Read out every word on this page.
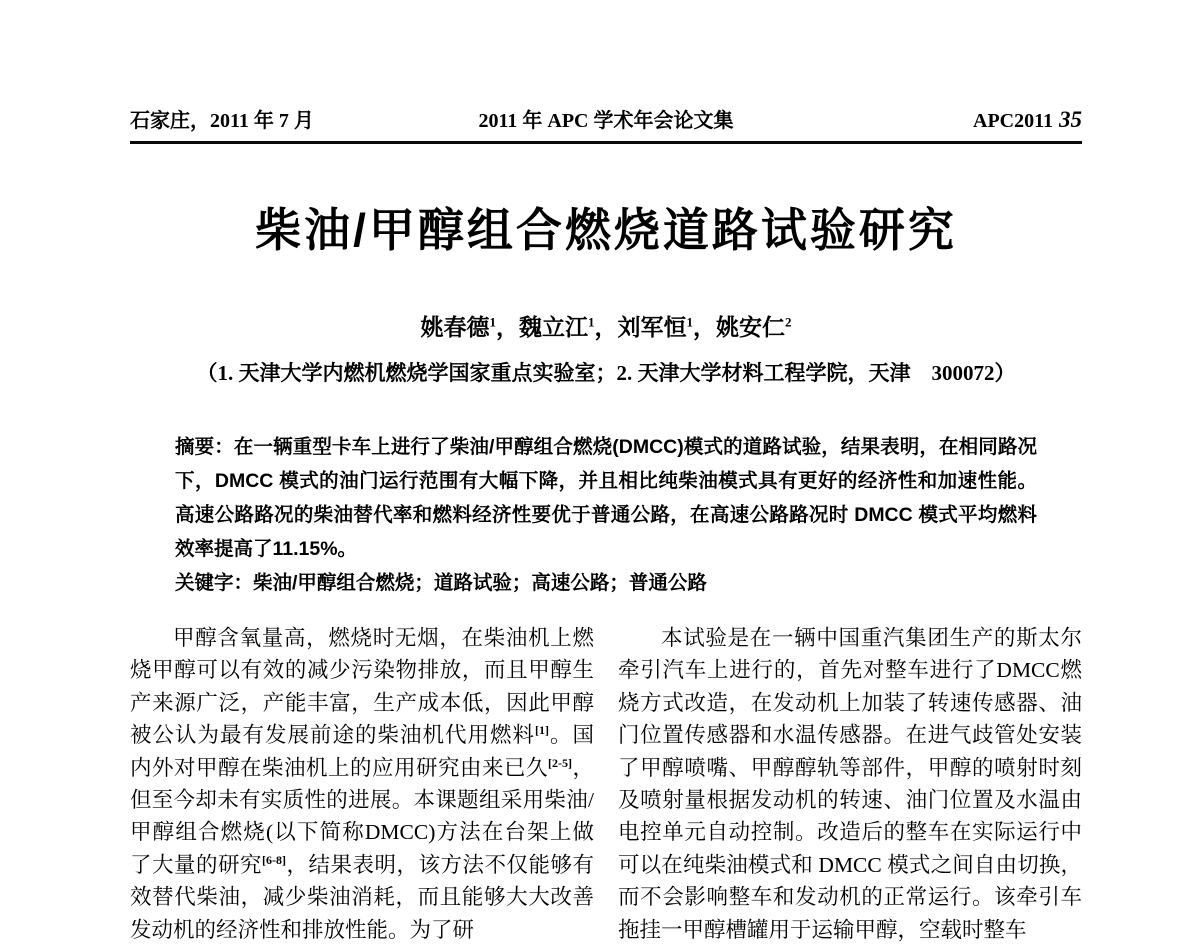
石家庄，2011 年 7 月	2011 年 APC 学术年会论文集	APC2011 35
柴油/甲醇组合燃烧道路试验研究
姚春德$^1$，魏立江$^1$，刘军恒$^1$，姚安仁$^2$
（1. 天津大学内燃机燃烧学国家重点实验室；2. 天津大学材料工程学院，天津　300072）
摘要：在一辆重型卡车上进行了柴油/甲醇组合燃烧(DMCC)模式的道路试验，结果表明，在相同路况下，DMCC 模式的油门运行范围有大幅下降，并且相比纯柴油模式具有更好的经济性和加速性能。高速公路路况的柴油替代率和燃料经济性要优于普通公路，在高速公路路况时 DMCC 模式平均燃料效率提高了11.15%。
关键字：柴油/甲醇组合燃烧；道路试验；高速公路；普通公路

甲醇含氧量高，燃烧时无烟，在柴油机上燃烧甲醇可以有效的减少污染物排放，而且甲醇生产来源广泛，产能丰富，生产成本低，因此甲醇被公认为最有发展前途的柴油机代用燃料[1]。国内外对甲醇在柴油机上的应用研究由来已久[2-5]，但至今却未有实质性的进展。本课题组采用柴油/甲醇组合燃烧(以下简称DMCC)方法在台架上做了大量的研究[6-8]，结果表明，该方法不仅能够有效替代柴油，减少柴油消耗，而且能够大大改善发动机的经济性和排放性能。为了研

本试验是在一辆中国重汽集团生产的斯太尔牵引汽车上进行的，首先对整车进行了DMCC燃烧方式改造，在发动机上加装了转速传感器、油门位置传感器和水温传感器。在进气歧管处安装了甲醇喷嘴、甲醇醇轨等部件，甲醇的喷射时刻及喷射量根据发动机的转速、油门位置及水温由电控单元自动控制。改造后的整车在实际运行中可以在纯柴油模式和 DMCC 模式之间自由切换，而不会影响整车和发动机的正常运行。该牵引车拖挂一甲醇槽罐用于运输甲醇，空载时整车
